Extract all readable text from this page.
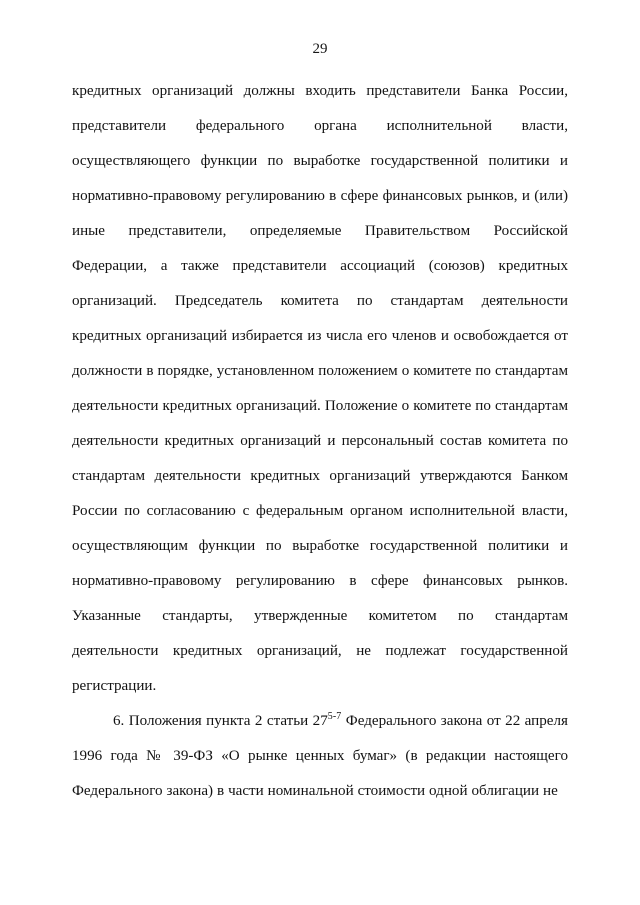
29

кредитных организаций должны входить представители Банка России, представители федерального органа исполнительной власти, осуществляющего функции по выработке государственной политики и нормативно-правовому регулированию в сфере финансовых рынков, и (или) иные представители, определяемые Правительством Российской Федерации, а также представители ассоциаций (союзов) кредитных организаций. Председатель комитета по стандартам деятельности кредитных организаций избирается из числа его членов и освобождается от должности в порядке, установленном положением о комитете по стандартам деятельности кредитных организаций. Положение о комитете по стандартам деятельности кредитных организаций и персональный состав комитета по стандартам деятельности кредитных организаций утверждаются Банком России по согласованию с федеральным органом исполнительной власти, осуществляющим функции по выработке государственной политики и нормативно-правовому регулированию в сфере финансовых рынков. Указанные стандарты, утвержденные комитетом по стандартам деятельности кредитных организаций, не подлежат государственной регистрации.

6. Положения пункта 2 статьи 27$^{5-7}$ Федерального закона от 22 апреля 1996 года № 39-ФЗ «О рынке ценных бумаг» (в редакции настоящего Федерального закона) в части номинальной стоимости одной облигации не
